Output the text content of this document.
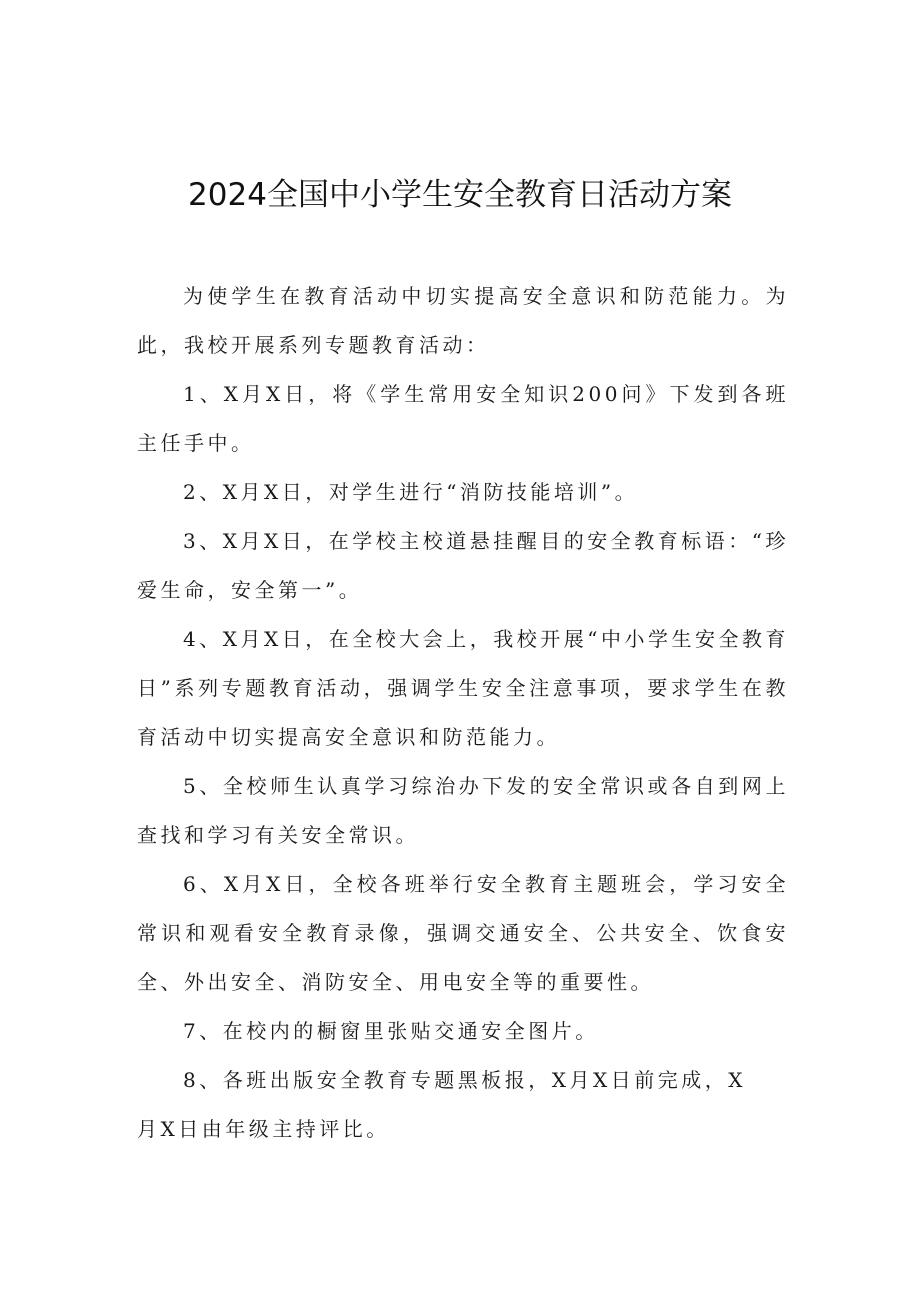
2024全国中小学生安全教育日活动方案

为使学生在教育活动中切实提高安全意识和防范能力。为此，我校开展系列专题教育活动：

1、X月X日，将《学生常用安全知识200问》下发到各班主任手中。

2、X月X日，对学生进行“消防技能培训”。

3、X月X日，在学校主校道悬挂醒目的安全教育标语：“珍爱生命，安全第一”。

4、X月X日，在全校大会上，我校开展“中小学生安全教育日”系列专题教育活动，强调学生安全注意事项，要求学生在教育活动中切实提高安全意识和防范能力。

5、全校师生认真学习综治办下发的安全常识或各自到网上查找和学习有关安全常识。

6、X月X日，全校各班举行安全教育主题班会，学习安全常识和观看安全教育录像，强调交通安全、公共安全、饮食安全、外出安全、消防安全、用电安全等的重要性。

7、在校内的橱窗里张贴交通安全图片。

8、各班出版安全教育专题黑板报，X月X日前完成，X

月X日由年级主持评比。
